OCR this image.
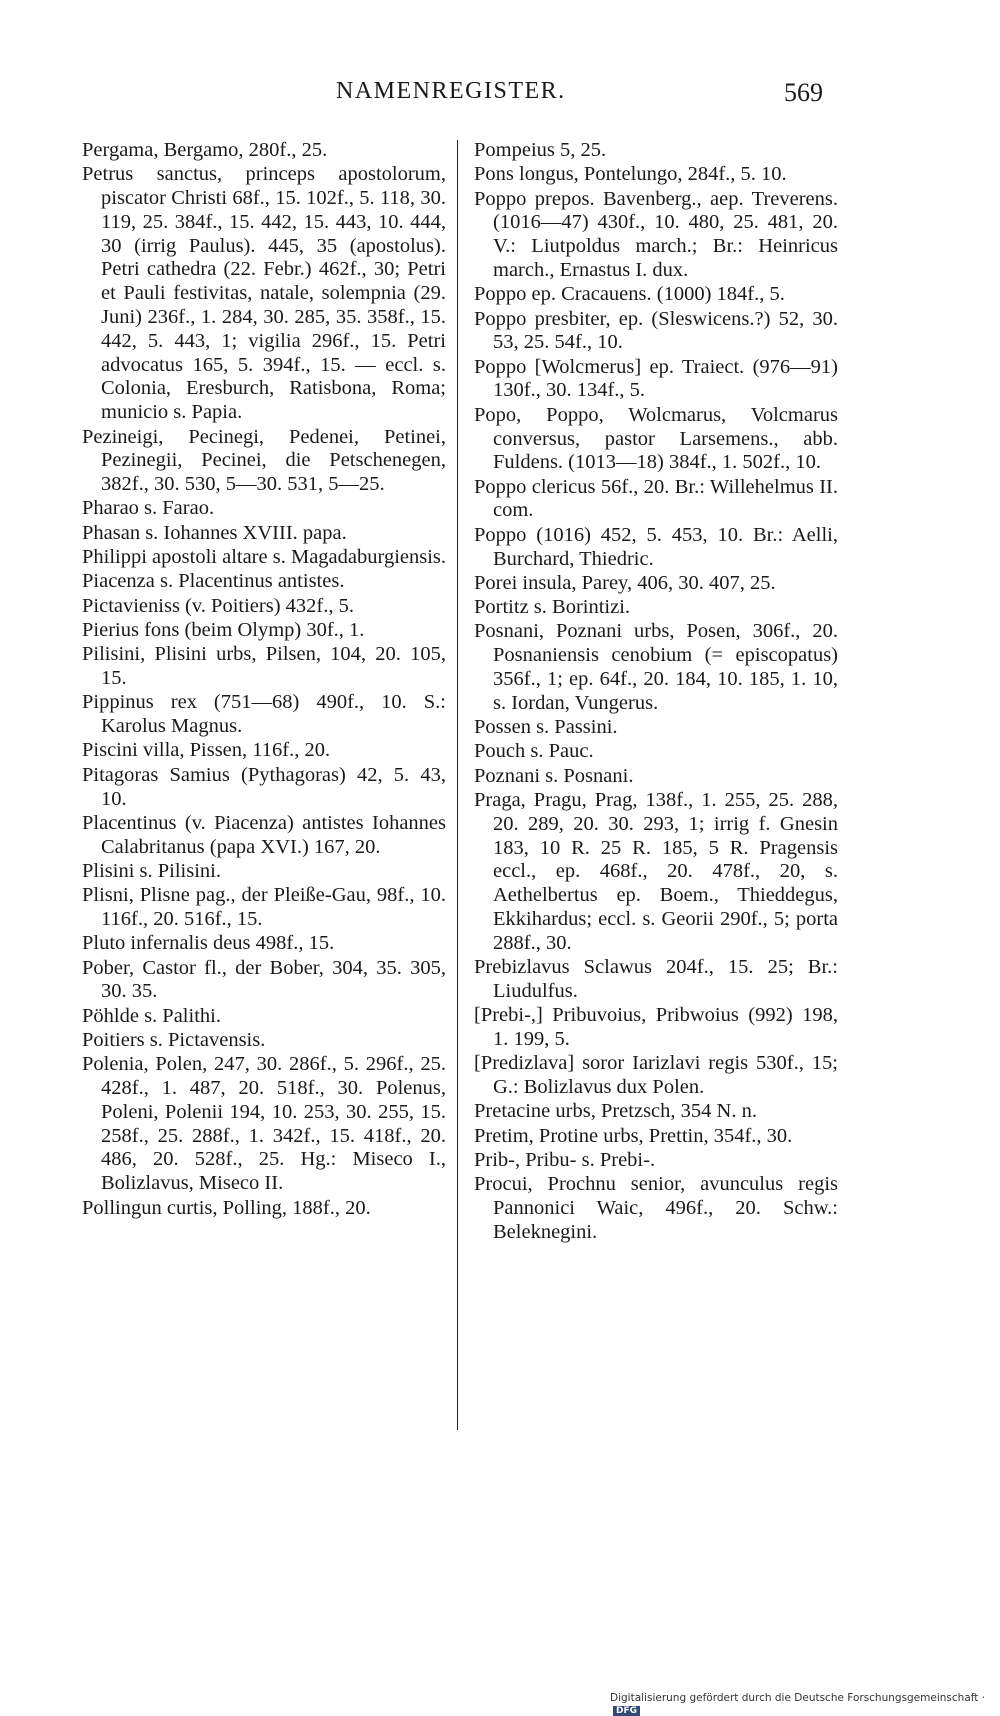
NAMENREGISTER.	569

Pergama, Bergamo, 280f., 25.

Petrus sanctus, princeps apostolorum, piscator Christi 68f., 15. 102f., 5. 118, 30. 119, 25. 384f., 15. 442, 15. 443, 10. 444, 30 (irrig Paulus). 445, 35 (apostolus). Petri cathedra (22. Febr.) 462f., 30; Petri et Pauli festivitas, natale, solempnia (29. Juni) 236f., 1. 284, 30. 285, 35. 358f., 15. 442, 5. 443, 1; vigilia 296f., 15. Petri advocatus 165, 5. 394f., 15. — eccl. s. Colonia, Eresburch, Ratisbona, Roma; municio s. Papia.

Pezineigi, Pecinegi, Pedenei, Petinei, Pezinegii, Pecinei, die Petschenegen, 382f., 30. 530, 5—30. 531, 5—25.

Pharao s. Farao.

Phasan s. Iohannes XVIII. papa.

Philippi apostoli altare s. Magadaburgiensis.

Piacenza s. Placentinus antistes.

Pictavieniss (v. Poitiers) 432f., 5.

Pierius fons (beim Olymp) 30f., 1.

Pilisini, Plisini urbs, Pilsen, 104, 20. 105, 15.

Pippinus rex (751—68) 490f., 10. S.: Karolus Magnus.

Piscini villa, Pissen, 116f., 20.

Pitagoras Samius (Pythagoras) 42, 5. 43, 10.

Placentinus (v. Piacenza) antistes Iohannes Calabritanus (papa XVI.) 167, 20.

Plisini s. Pilisini.

Plisni, Plisne pag., der Pleiße-Gau, 98f., 10. 116f., 20. 516f., 15.

Pluto infernalis deus 498f., 15.

Pober, Castor fl., der Bober, 304, 35. 305, 30. 35.

Pöhlde s. Palithi.

Poitiers s. Pictavensis.

Polenia, Polen, 247, 30. 286f., 5. 296f., 25. 428f., 1. 487, 20. 518f., 30. Polenus, Poleni, Polenii 194, 10. 253, 30. 255, 15. 258f., 25. 288f., 1. 342f., 15. 418f., 20. 486, 20. 528f., 25. Hg.: Miseco I., Bolizlavus, Miseco II.

Pollingun curtis, Polling, 188f., 20.

Pompeius 5, 25.

Pons longus, Pontelungo, 284f., 5. 10.

Poppo prepos. Bavenberg., aep. Treverens. (1016—47) 430f., 10. 480, 25. 481, 20. V.: Liutpoldus march.; Br.: Heinricus march., Ernastus I. dux.

Poppo ep. Cracauens. (1000) 184f., 5.

Poppo presbiter, ep. (Sleswicens.?) 52, 30. 53, 25. 54f., 10.

Poppo [Wolcmerus] ep. Traiect. (976—91) 130f., 30. 134f., 5.

Popo, Poppo, Wolcmarus, Volcmarus conversus, pastor Larsemens., abb. Fuldens. (1013—18) 384f., 1. 502f., 10.

Poppo clericus 56f., 20. Br.: Willehelmus II. com.

Poppo (1016) 452, 5. 453, 10. Br.: Aelli, Burchard, Thiedric.

Porei insula, Parey, 406, 30. 407, 25.

Portitz s. Borintizi.

Posnani, Poznani urbs, Posen, 306f., 20. Posnaniensis cenobium (= episcopatus) 356f., 1; ep. 64f., 20. 184, 10. 185, 1. 10, s. Iordan, Vungerus.

Possen s. Passini.

Pouch s. Pauc.

Poznani s. Posnani.

Praga, Pragu, Prag, 138f., 1. 255, 25. 288, 20. 289, 20. 30. 293, 1; irrig f. Gnesin 183, 10 R. 25 R. 185, 5 R. Pragensis eccl., ep. 468f., 20. 478f., 20, s. Aethelbertus ep. Boem., Thieddegus, Ekkihardus; eccl. s. Georii 290f., 5; porta 288f., 30.

Prebizlavus Sclawus 204f., 15. 25; Br.: Liudulfus.

[Prebi-,] Pribuvoius, Pribwoius (992) 198, 1. 199, 5.

[Predizlava] soror Iarizlavi regis 530f., 15; G.: Bolizlavus dux Polen.

Pretacine urbs, Pretzsch, 354 N. n.

Pretim, Protine urbs, Prettin, 354f., 30.

Prib-, Pribu- s. Prebi-.

Procui, Prochnu senior, avunculus regis Pannonici Waic, 496f., 20. Schw.: Beleknegini.

Digitalisierung gefördert durch die Deutsche Forschungsgemeinschaft · DFG
